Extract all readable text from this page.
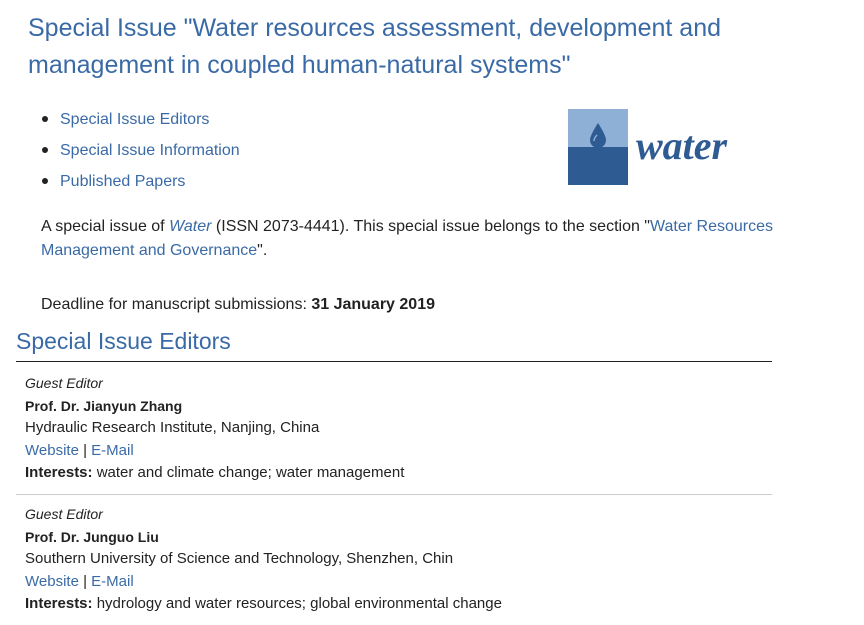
Special Issue "Water resources assessment, development and management in coupled human-natural systems"
Special Issue Editors
Special Issue Information
Published Papers
water

A special issue of Water (ISSN 2073-4441). This special issue belongs to the section "Water Resources Management and Governance".

Deadline for manuscript submissions: 31 January 2019

Special Issue Editors
Guest Editor
Prof. Dr. Jianyun Zhang
Hydraulic Research Institute, Nanjing, China
Website | E-Mail
Interests: water and climate change; water management
Guest Editor
Prof. Dr. Junguo Liu
Southern University of Science and Technology, Shenzhen, Chin
Website | E-Mail
Interests: hydrology and water resources; global environmental change
